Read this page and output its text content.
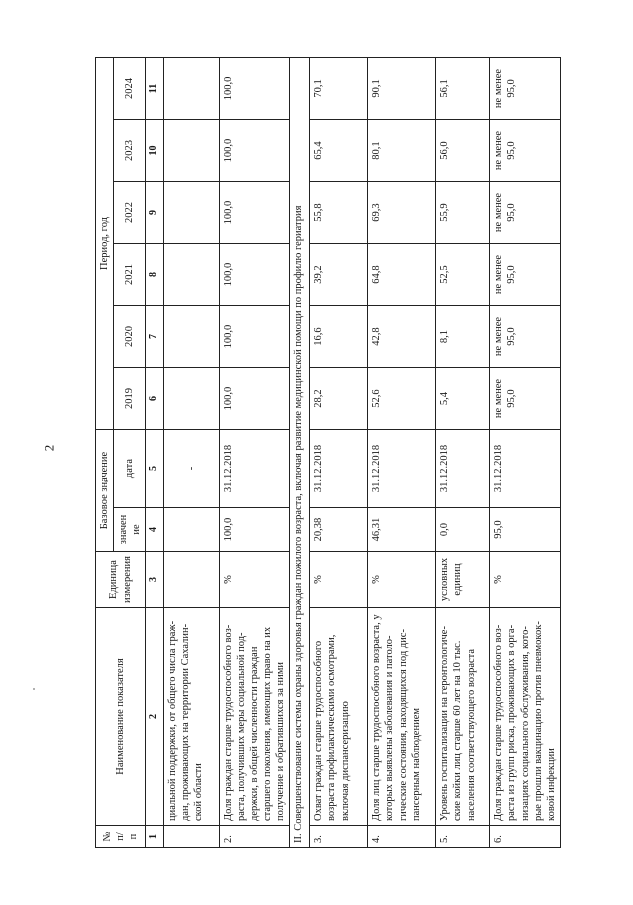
2
№ п/п	Наименование показателя	Единица измерения	Базовое значение		Период, год					
			значение	дата	2019	2020	2021	2022	2023	2024
1	2	3	4	5	6	7	8	9	10	11
	циальной поддержки, от общего числа граж-дан, проживающих на территории Сахалин-ской области			-						
2.	Доля граждан старше трудоспособного воз-раста, получивших меры социальной под-держки, в общей численности граждан старшего поколения, имеющих право на их получение и обратившихся за ними	%	100,0	31.12.2018	100,0	100,0	100,0	100,0	100,0	100,0
II. Совершенствование системы охраны здоровья граждан пожилого возраста, включая развитие медицинской помощи по профилю гериатрия										
3.	Охват граждан старше трудоспособного возраста профилактическими осмотрами, включая диспансеризацию	%	20,38	31.12.2018	28,2	16,6	39,2	55,8	65,4	70,1
4.	Доля лиц старше трудоспособного возраста, у которых выявлены заболевания и патоло-гические состояния, находящихся под дис-пансерным наблюдением	%	46,31	31.12.2018	52,6	42,8	64,8	69,3	80,1	90,1
5.	Уровень госпитализации на геронтологиче-ские койки лиц старше 60 лет на 10 тыс. населения соответствующего возраста	условных единиц	0,0	31.12.2018	5,4	8,1	52,5	55,9	56,0	56,1
6.	Доля граждан старше трудоспособного воз-раста из групп риска, проживающих в орга-низациях социального обслуживания, кото-рые прошли вакцинацию против пневмокок-ковой инфекции	%	95,0	31.12.2018	не менее 95,0	не менее 95,0	не менее 95,0	не менее 95,0	не менее 95,0	не менее 95,0
